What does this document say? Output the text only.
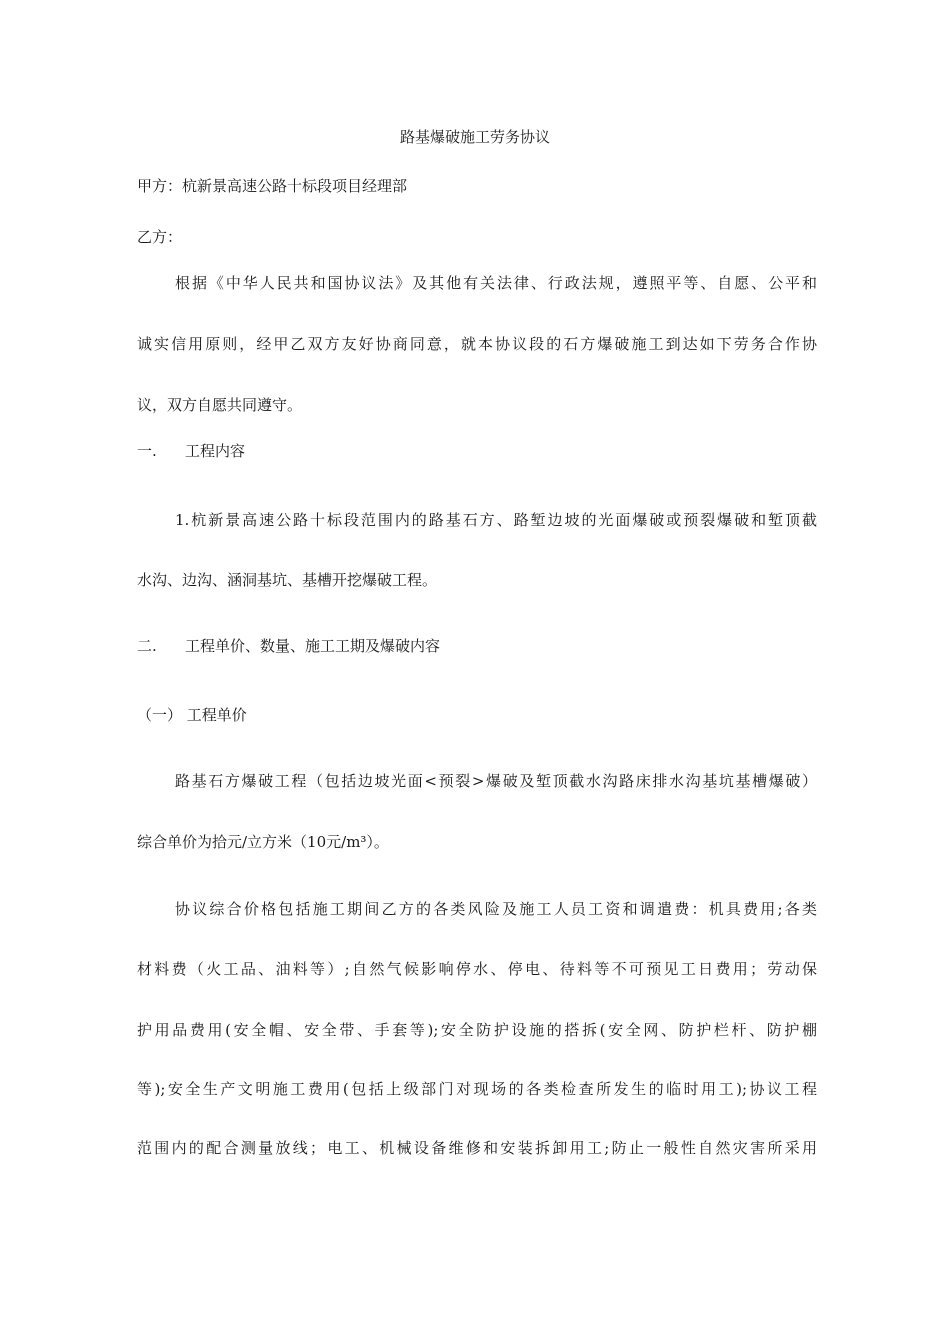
路基爆破施工劳务协议
甲方：杭新景高速公路十标段项目经理部
乙方：
根据《中华人民共和国协议法》及其他有关法律、行政法规，遵照平等、自愿、公平和
诚实信用原则，经甲乙双方友好协商同意，就本协议段的石方爆破施工到达如下劳务合作协
议，双方自愿共同遵守。
一. 工程内容
1.杭新景高速公路十标段范围内的路基石方、路堑边坡的光面爆破或预裂爆破和堑顶截
水沟、边沟、涵洞基坑、基槽开挖爆破工程。
二. 工程单价、数量、施工工期及爆破内容
（一） 工程单价
路基石方爆破工程（包括边坡光面<预裂>爆破及堑顶截水沟路床排水沟基坑基槽爆破）
综合单价为拾元/立方米（10元/m³）。
协议综合价格包括施工期间乙方的各类风险及施工人员工资和调遣费：机具费用;各类
材料费（火工品、油料等）;自然气候影响停水、停电、待料等不可预见工日费用；劳动保
护用品费用(安全帽、安全带、手套等);安全防护设施的搭拆(安全网、防护栏杆、防护棚
等);安全生产文明施工费用(包括上级部门对现场的各类检查所发生的临时用工);协议工程
范围内的配合测量放线；电工、机械设备维修和安装拆卸用工;防止一般性自然灾害所采用
